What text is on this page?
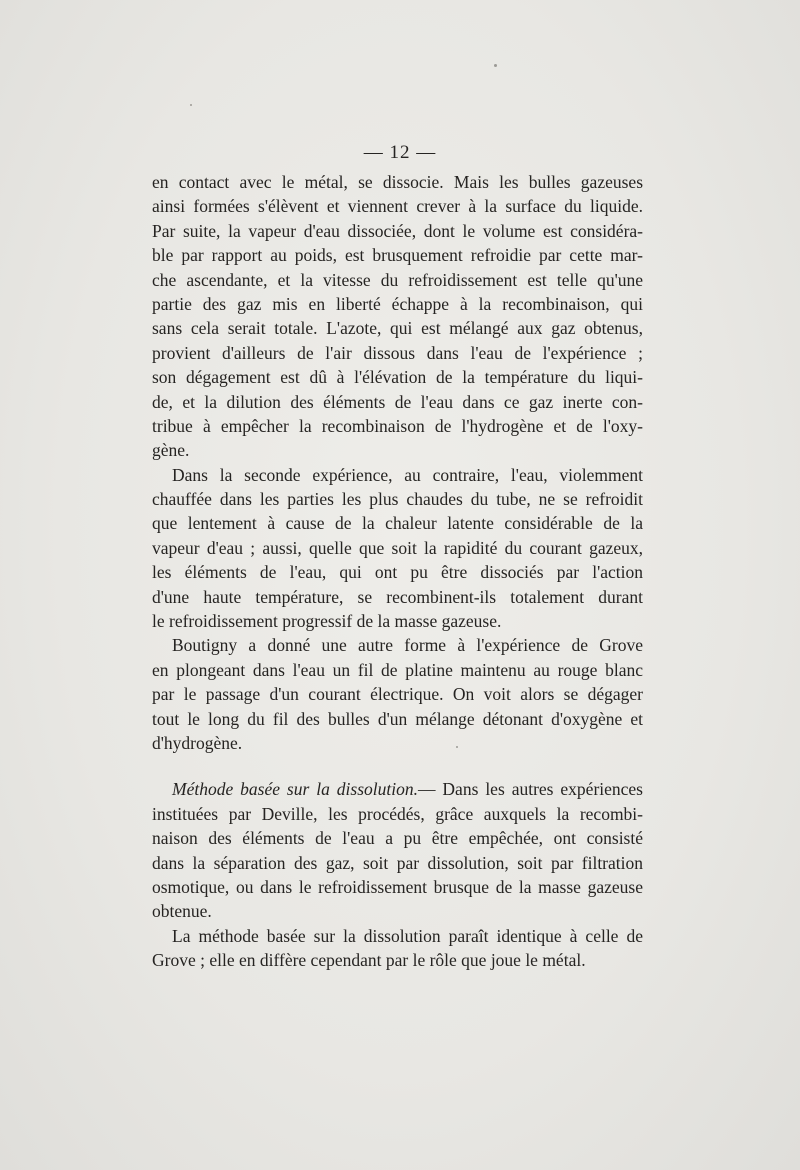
— 12 —
en contact avec le métal, se dissocie. Mais les bulles gazeuses
ainsi formées s'élèvent et viennent crever à la surface du liquide.
Par suite, la vapeur d'eau dissociée, dont le volume est considéra-
ble par rapport au poids, est brusquement refroidie par cette mar-
che ascendante, et la vitesse du refroidissement est telle qu'une
partie des gaz mis en liberté échappe à la recombinaison, qui
sans cela serait totale. L'azote, qui est mélangé aux gaz obtenus,
provient d'ailleurs de l'air dissous dans l'eau de l'expérience ;
son dégagement est dû à l'élévation de la température du liqui-
de, et la dilution des éléments de l'eau dans ce gaz inerte con-
tribue à empêcher la recombinaison de l'hydrogène et de l'oxy-
gène.
Dans la seconde expérience, au contraire, l'eau, violemment
chauffée dans les parties les plus chaudes du tube, ne se refroidit
que lentement à cause de la chaleur latente considérable de la
vapeur d'eau ; aussi, quelle que soit la rapidité du courant gazeux,
les éléments de l'eau, qui ont pu être dissociés par l'action
d'une haute température, se recombinent-ils totalement durant
le refroidissement progressif de la masse gazeuse.
Boutigny a donné une autre forme à l'expérience de Grove
en plongeant dans l'eau un fil de platine maintenu au rouge blanc
par le passage d'un courant électrique. On voit alors se dégager
tout le long du fil des bulles d'un mélange détonant d'oxygène et
d'hydrogène.
Méthode basée sur la dissolution.— Dans les autres expériences
instituées par Deville, les procédés, grâce auxquels la recombi-
naison des éléments de l'eau a pu être empêchée, ont consisté
dans la séparation des gaz, soit par dissolution, soit par filtration
osmotique, ou dans le refroidissement brusque de la masse gazeuse
obtenue.
La méthode basée sur la dissolution paraît identique à celle de
Grove ; elle en diffère cependant par le rôle que joue le métal.
